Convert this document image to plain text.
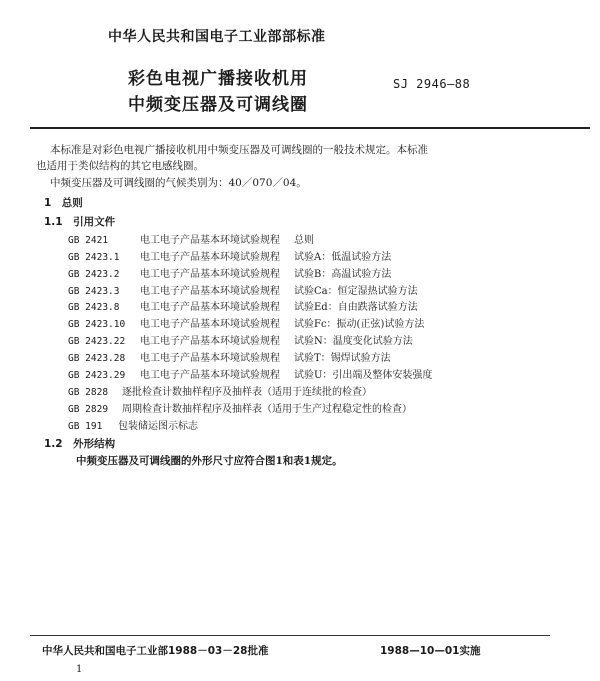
中华人民共和国电子工业部部标准
彩色电视广播接收机用
中频变压器及可调线圈
SJ 2946—88
本标准是对彩色电视广播接收机用中频变压器及可调线圈的一般技术规定。本标准
也适用于类似结构的其它电感线圈。
中频变压器及可调线圈的气候类别为：40／070／04。
1　总则
1.1　引用文件
GB 2421	电工电子产品基本环境试验规程 总则
GB 2423.1 电工电子产品基本环境试验规程 试验A：低温试验方法
GB 2423.2 电工电子产品基本环境试验规程 试验B：高温试验方法
GB 2423.3 电工电子产品基本环境试验规程 试验Ca：恒定湿热试验方法
GB 2423.8 电工电子产品基本环境试验规程 试验Ed：自由跌落试验方法
GB 2423.10 电工电子产品基本环境试验规程 试验Fc：振动(正弦)试验方法
GB 2423.22 电工电子产品基本环境试验规程 试验N：温度变化试验方法
GB 2423.28 电工电子产品基本环境试验规程 试验T：锡焊试验方法
GB 2423.29 电工电子产品基本环境试验规程 试验U：引出端及整体安装强度
GB 2828 逐批检查计数抽样程序及抽样表（适用于连续批的检查）
GB 2829 周期检查计数抽样程序及抽样表（适用于生产过程稳定性的检查）
GB 191 包装储运图示标志
1.2　外形结构
中频变压器及可调线圈的外形尺寸应符合图1和表1规定。
中华人民共和国电子工业部1988－03－28批准	1988—10—01实施
1
